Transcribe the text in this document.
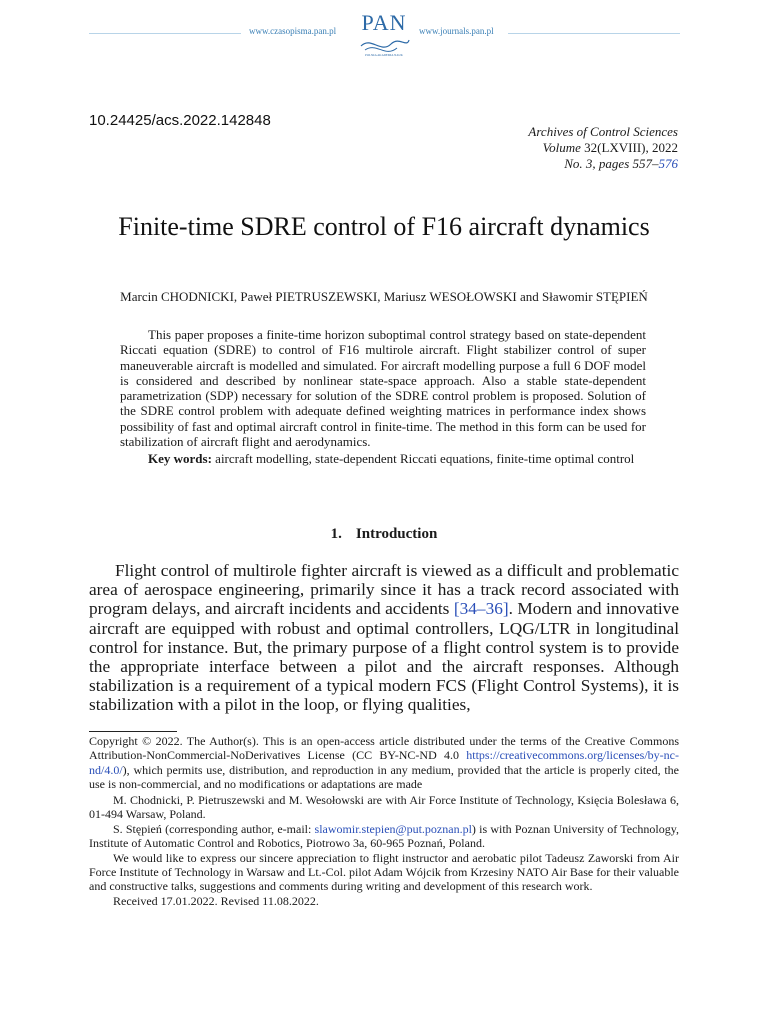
www.czasopisma.pan.pl	www.journals.pan.pl
PAN
POLSKA AKADEMIA NAUK
10.24425/acs.2022.142848
Archives of Control Sciences
Volume 32(LXVIII), 2022
No. 3, pages 557–576
Finite-time SDRE control of F16 aircraft dynamics
Marcin CHODNICKI, Paweł PIETRUSZEWSKI, Mariusz WESOŁOWSKI and Sławomir STĘPIEŃ

This paper proposes a finite-time horizon suboptimal control strategy based on state-dependent Riccati equation (SDRE) to control of F16 multirole aircraft. Flight stabilizer control of super maneuverable aircraft is modelled and simulated. For aircraft modelling purpose a full 6 DOF model is considered and described by nonlinear state-space approach. Also a stable state-dependent parametrization (SDP) necessary for solution of the SDRE control problem is proposed. Solution of the SDRE control problem with adequate defined weighting matrices in performance index shows possibility of fast and optimal aircraft control in finite-time. The method in this form can be used for stabilization of aircraft flight and aerodynamics.

Key words: aircraft modelling, state-dependent Riccati equations, finite-time optimal control

1. Introduction

Flight control of multirole fighter aircraft is viewed as a difficult and problematic area of aerospace engineering, primarily since it has a track record associated with program delays, and aircraft incidents and accidents [34–36]. Modern and innovative aircraft are equipped with robust and optimal controllers, LQG/LTR in longitudinal control for instance. But, the primary purpose of a flight control system is to provide the appropriate interface between a pilot and the aircraft responses. Although stabilization is a requirement of a typical modern FCS (Flight Control Systems), it is stabilization with a pilot in the loop, or flying qualities,

Copyright © 2022. The Author(s). This is an open-access article distributed under the terms of the Creative Commons Attribution-NonCommercial-NoDerivatives License (CC BY-NC-ND 4.0 https://creativecommons.org/licenses/by-nc-nd/4.0/), which permits use, distribution, and reproduction in any medium, provided that the article is properly cited, the use is non-commercial, and no modifications or adaptations are made

M. Chodnicki, P. Pietruszewski and M. Wesołowski are with Air Force Institute of Technology, Księcia Bolesława 6, 01-494 Warsaw, Poland.

S. Stępień (corresponding author, e-mail: slawomir.stepien@put.poznan.pl) is with Poznan University of Technology, Institute of Automatic Control and Robotics, Piotrowo 3a, 60-965 Poznań, Poland.

We would like to express our sincere appreciation to flight instructor and aerobatic pilot Tadeusz Zaworski from Air Force Institute of Technology in Warsaw and Lt.-Col. pilot Adam Wójcik from Krzesiny NATO Air Base for their valuable and constructive talks, suggestions and comments during writing and development of this research work.

Received 17.01.2022. Revised 11.08.2022.
